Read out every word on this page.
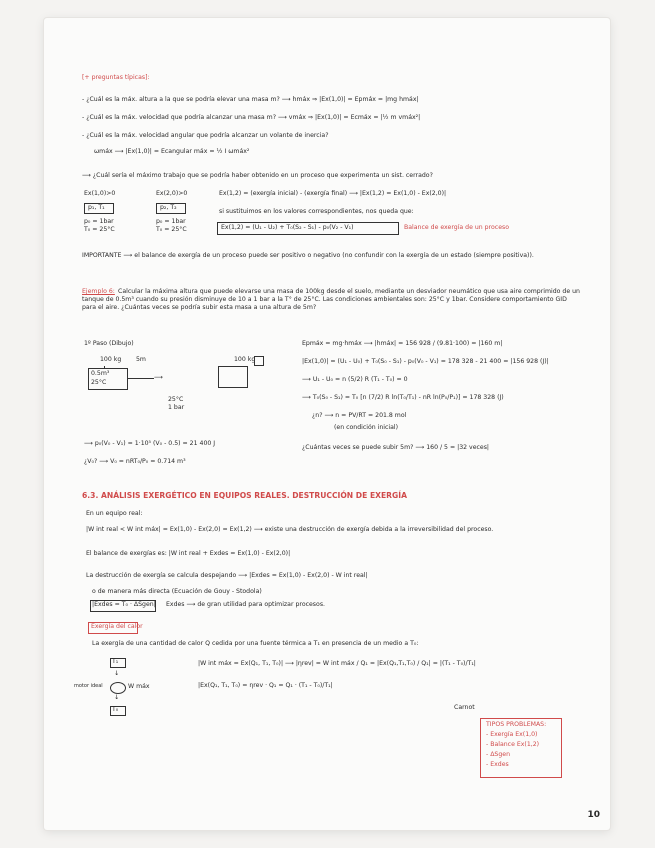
[+ preguntas típicas]:
- ¿Cuál es la máx. altura a la que se podría elevar una masa m? ⟶ hmáx ⇒ |Ex(1,0)| = Epmáx = |mg hmáx|
- ¿Cuál es la máx. velocidad que podría alcanzar una masa m? ⟶ vmáx ⇒ |Ex(1,0)| = Ecmáx = |½ m vmáx²|
- ¿Cuál es la máx. velocidad angular que podría alcanzar un volante de inercia?
ωmáx ⟶ |Ex(1,0)| = Ecangular máx = ½ I ωmáx²
⟶ ¿Cuál sería el máximo trabajo que se podría haber obtenido en un proceso que experimenta un sist. cerrado?
Ex(1,0)>0	Ex(2,0)>0	Ex(1,2) = (exergía inicial) - (exergía final) ⟶ |Ex(1,2) = Ex(1,0) - Ex(2,0)|
p₁, T₁	p₂, T₂
p₀ = 1bar
T₀ = 25°C
p₀ = 1bar
T₀ = 25°C
si sustituimos en los valores correspondientes, nos queda que:
Ex(1,2) = (U₁ - U₂) + T₀(S₂ - S₁) - p₀(V₂ - V₁)	Balance de exergía de un proceso
IMPORTANTE ⟶ el balance de exergía de un proceso puede ser positivo o negativo (no confundir con la exergía de un estado (siempre positiva)).
Ejemplo 6: Calcular la máxima altura que puede elevarse una masa de 100kg desde el suelo, mediante un desviador neumático que usa aire comprimido de un tanque de 0.5m³ cuando su presión disminuye de 10 a 1 bar a la T° de 25°C. Las condiciones ambientales son: 25°C y 1bar. Considere comportamiento GID para el aire. ¿Cuántas veces se podría subir esta masa a una altura de 5m?
1º Paso (Dibujo)
100 kg 5m
0.5m³
25°C
⟶
100 kg
25°C
1 bar
Epmáx = mg·hmáx ⟶ |hmáx| = 156 928 / (9.81·100) = |160 m|
|Ex(1,0)| = (U₁ - U₀) + T₀(S₀ - S₁) - p₀(V₀ - V₁) = 178 328 - 21 400 = |156 928 (J)|
⟶ U₁ - U₀ = n (5/2) R (T₁ - T₀) = 0
⟶ T₀(S₀ - S₁) = T₀ [n (7/2) R ln(T₀/T₁) - nR ln(P₀/P₁)] = 178 328 (J)
¿n? ⟶ n = PV/RT = 201.8 mol
(en condición inicial)
⟶ p₀(V₀ - V₁) = 1·10⁵ (V₀ - 0.5) = 21 400 J
¿V₀? ⟶ V₀ = nRT₀/P₀ = 0.714 m³
¿Cuántas veces se puede subir 5m? ⟶ 160 / 5 = |32 veces|
6.3. ANÁLISIS EXERGÉTICO EN EQUIPOS REALES. DESTRUCCIÓN DE EXERGÍA
En un equipo real:
|W int real < W int máx| = Ex(1,0) - Ex(2,0) = Ex(1,2) ⟶ existe una destrucción de exergía debida a la irreversibilidad del proceso.
El balance de exergías es: |W int real + Exdes = Ex(1,0) - Ex(2,0)|
La destrucción de exergía se calcula despejando ⟶ |Exdes = Ex(1,0) - Ex(2,0) - W int real|
o de manera más directa (Ecuación de Gouy - Stodola)
|Exdes = T₀ · ΔSgen| Exdes ⟶ de gran utilidad para optimizar procesos.
Exergía del calor
La exergía de una cantidad de calor Q cedida por una fuente térmica a T₁ en presencia de un medio a T₀:
T₁
↓
motor ideal	W máx
↓
T₀
|W int máx = Ex(Q₁, T₁, T₀)| ⟶ |ηrev| = W int máx / Q₁ = |Ex(Q₁,T₁,T₀) / Q₁| = |(T₁ - T₀)/T₁|
|Ex(Q₁, T₁, T₀) = ηrev · Q₁ = Q₁ · (T₁ - T₀)/T₁|
Carnot
TIPOS PROBLEMAS:
- Exergía Ex(1,0)
- Balance Ex(1,2)
- ΔSgen
- Exdes
10
